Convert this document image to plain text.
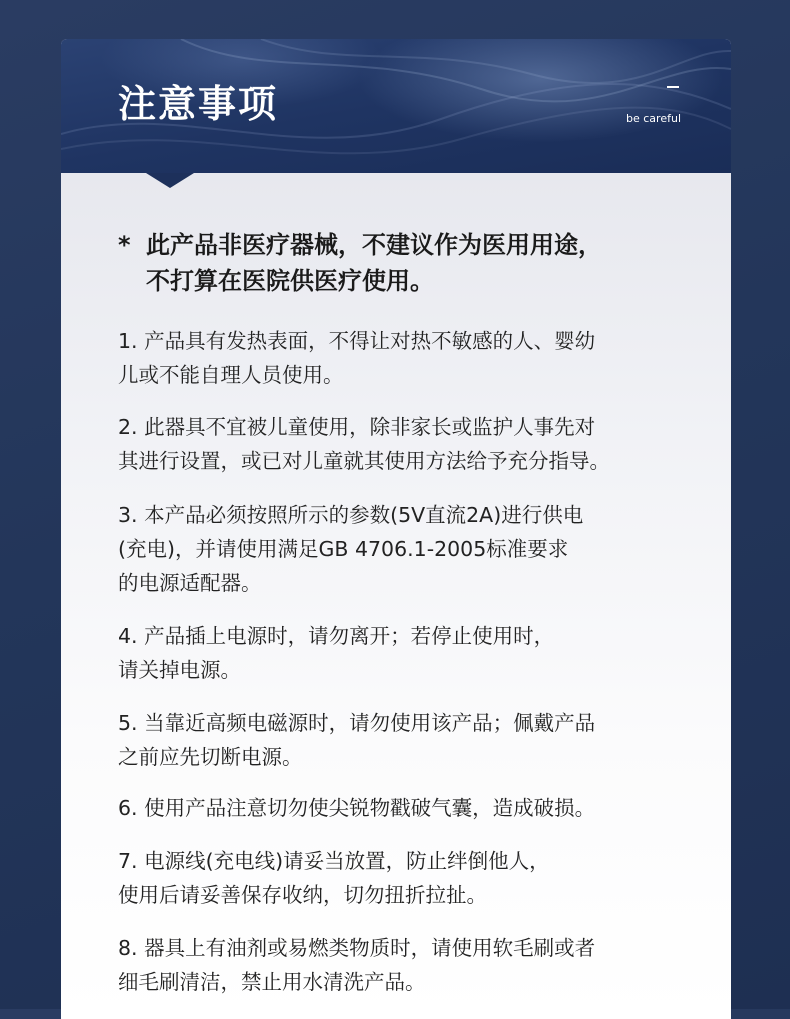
注意事项	be careful
* 此产品非医疗器械，不建议作为医用用途，
不打算在医院供医疗使用。
1. 产品具有发热表面，不得让对热不敏感的人、婴幼
儿或不能自理人员使用。
2. 此器具不宜被儿童使用，除非家长或监护人事先对
其进行设置，或已对儿童就其使用方法给予充分指导。
3. 本产品必须按照所示的参数(5V直流2A)进行供电
(充电)，并请使用满足GB 4706.1-2005标准要求
的电源适配器。
4. 产品插上电源时，请勿离开；若停止使用时，
请关掉电源。
5. 当靠近高频电磁源时，请勿使用该产品；佩戴产品
之前应先切断电源。
6. 使用产品注意切勿使尖锐物戳破气囊，造成破损。
7. 电源线(充电线)请妥当放置，防止绊倒他人，
使用后请妥善保存收纳，切勿扭折拉扯。
8. 器具上有油剂或易燃类物质时，请使用软毛刷或者
细毛刷清洁，禁止用水清洗产品。
